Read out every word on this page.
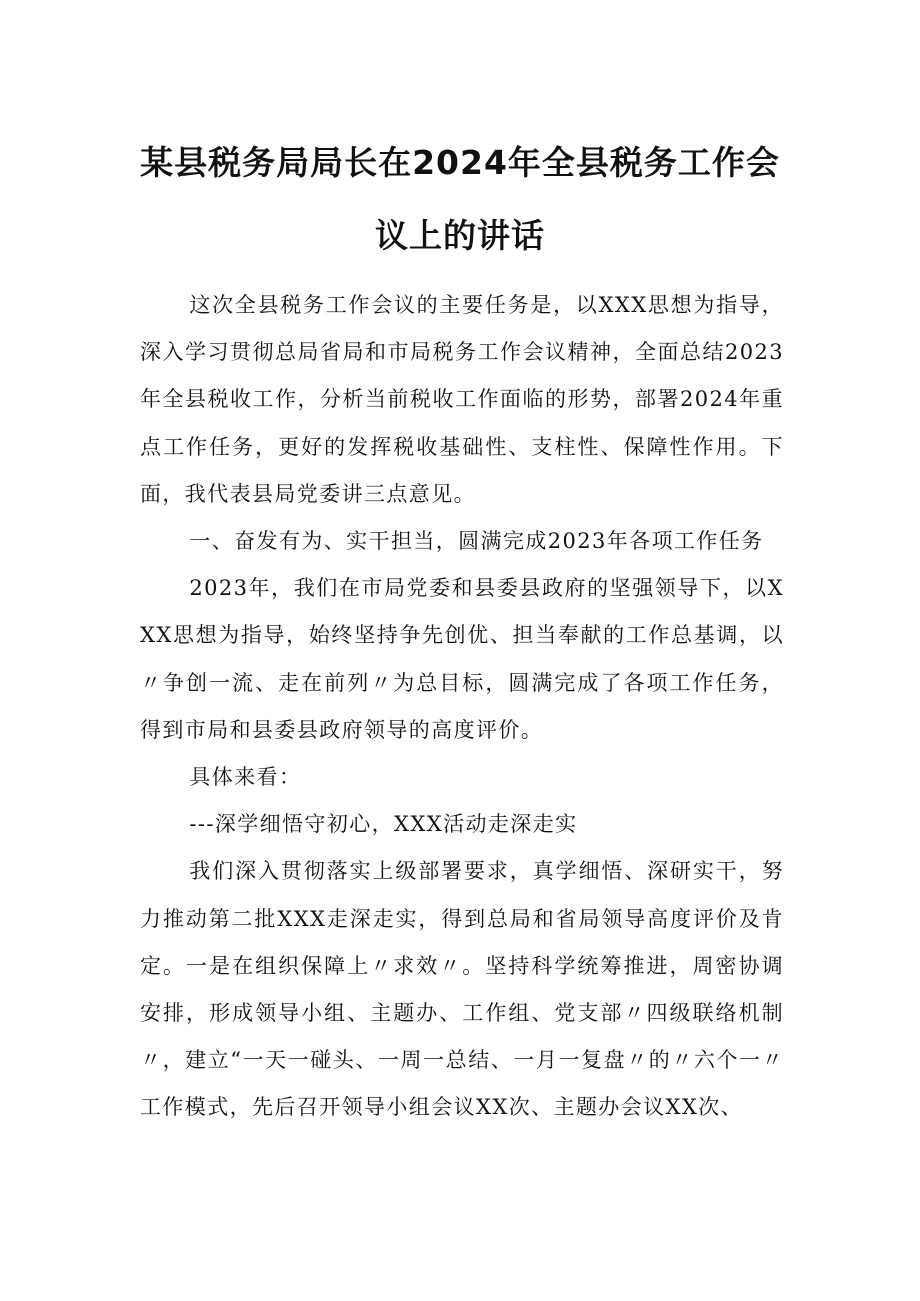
某县税务局局长在2024年全县税务工作会
议上的讲话

这次全县税务工作会议的主要任务是，以XXX思想为指导，深入学习贯彻总局省局和市局税务工作会议精神，全面总结2023年全县税收工作，分析当前税收工作面临的形势，部署2024年重点工作任务，更好的发挥税收基础性、支柱性、保障性作用。下面，我代表县局党委讲三点意见。

一、奋发有为、实干担当，圆满完成2023年各项工作任务

2023年，我们在市局党委和县委县政府的坚强领导下，以XXX思想为指导，始终坚持争先创优、担当奉献的工作总基调，以〃争创一流、走在前列〃为总目标，圆满完成了各项工作任务，得到市局和县委县政府领导的高度评价。

具体来看：

---深学细悟守初心，XXX活动走深走实

我们深入贯彻落实上级部署要求，真学细悟、深研实干，努力推动第二批XXX走深走实，得到总局和省局领导高度评价及肯定。一是在组织保障上〃求效〃。坚持科学统筹推进，周密协调安排，形成领导小组、主题办、工作组、党支部〃四级联络机制〃，建立“一天一碰头、一周一总结、一月一复盘〃的〃六个一〃工作模式，先后召开领导小组会议XX次、主题办会议XX次、
